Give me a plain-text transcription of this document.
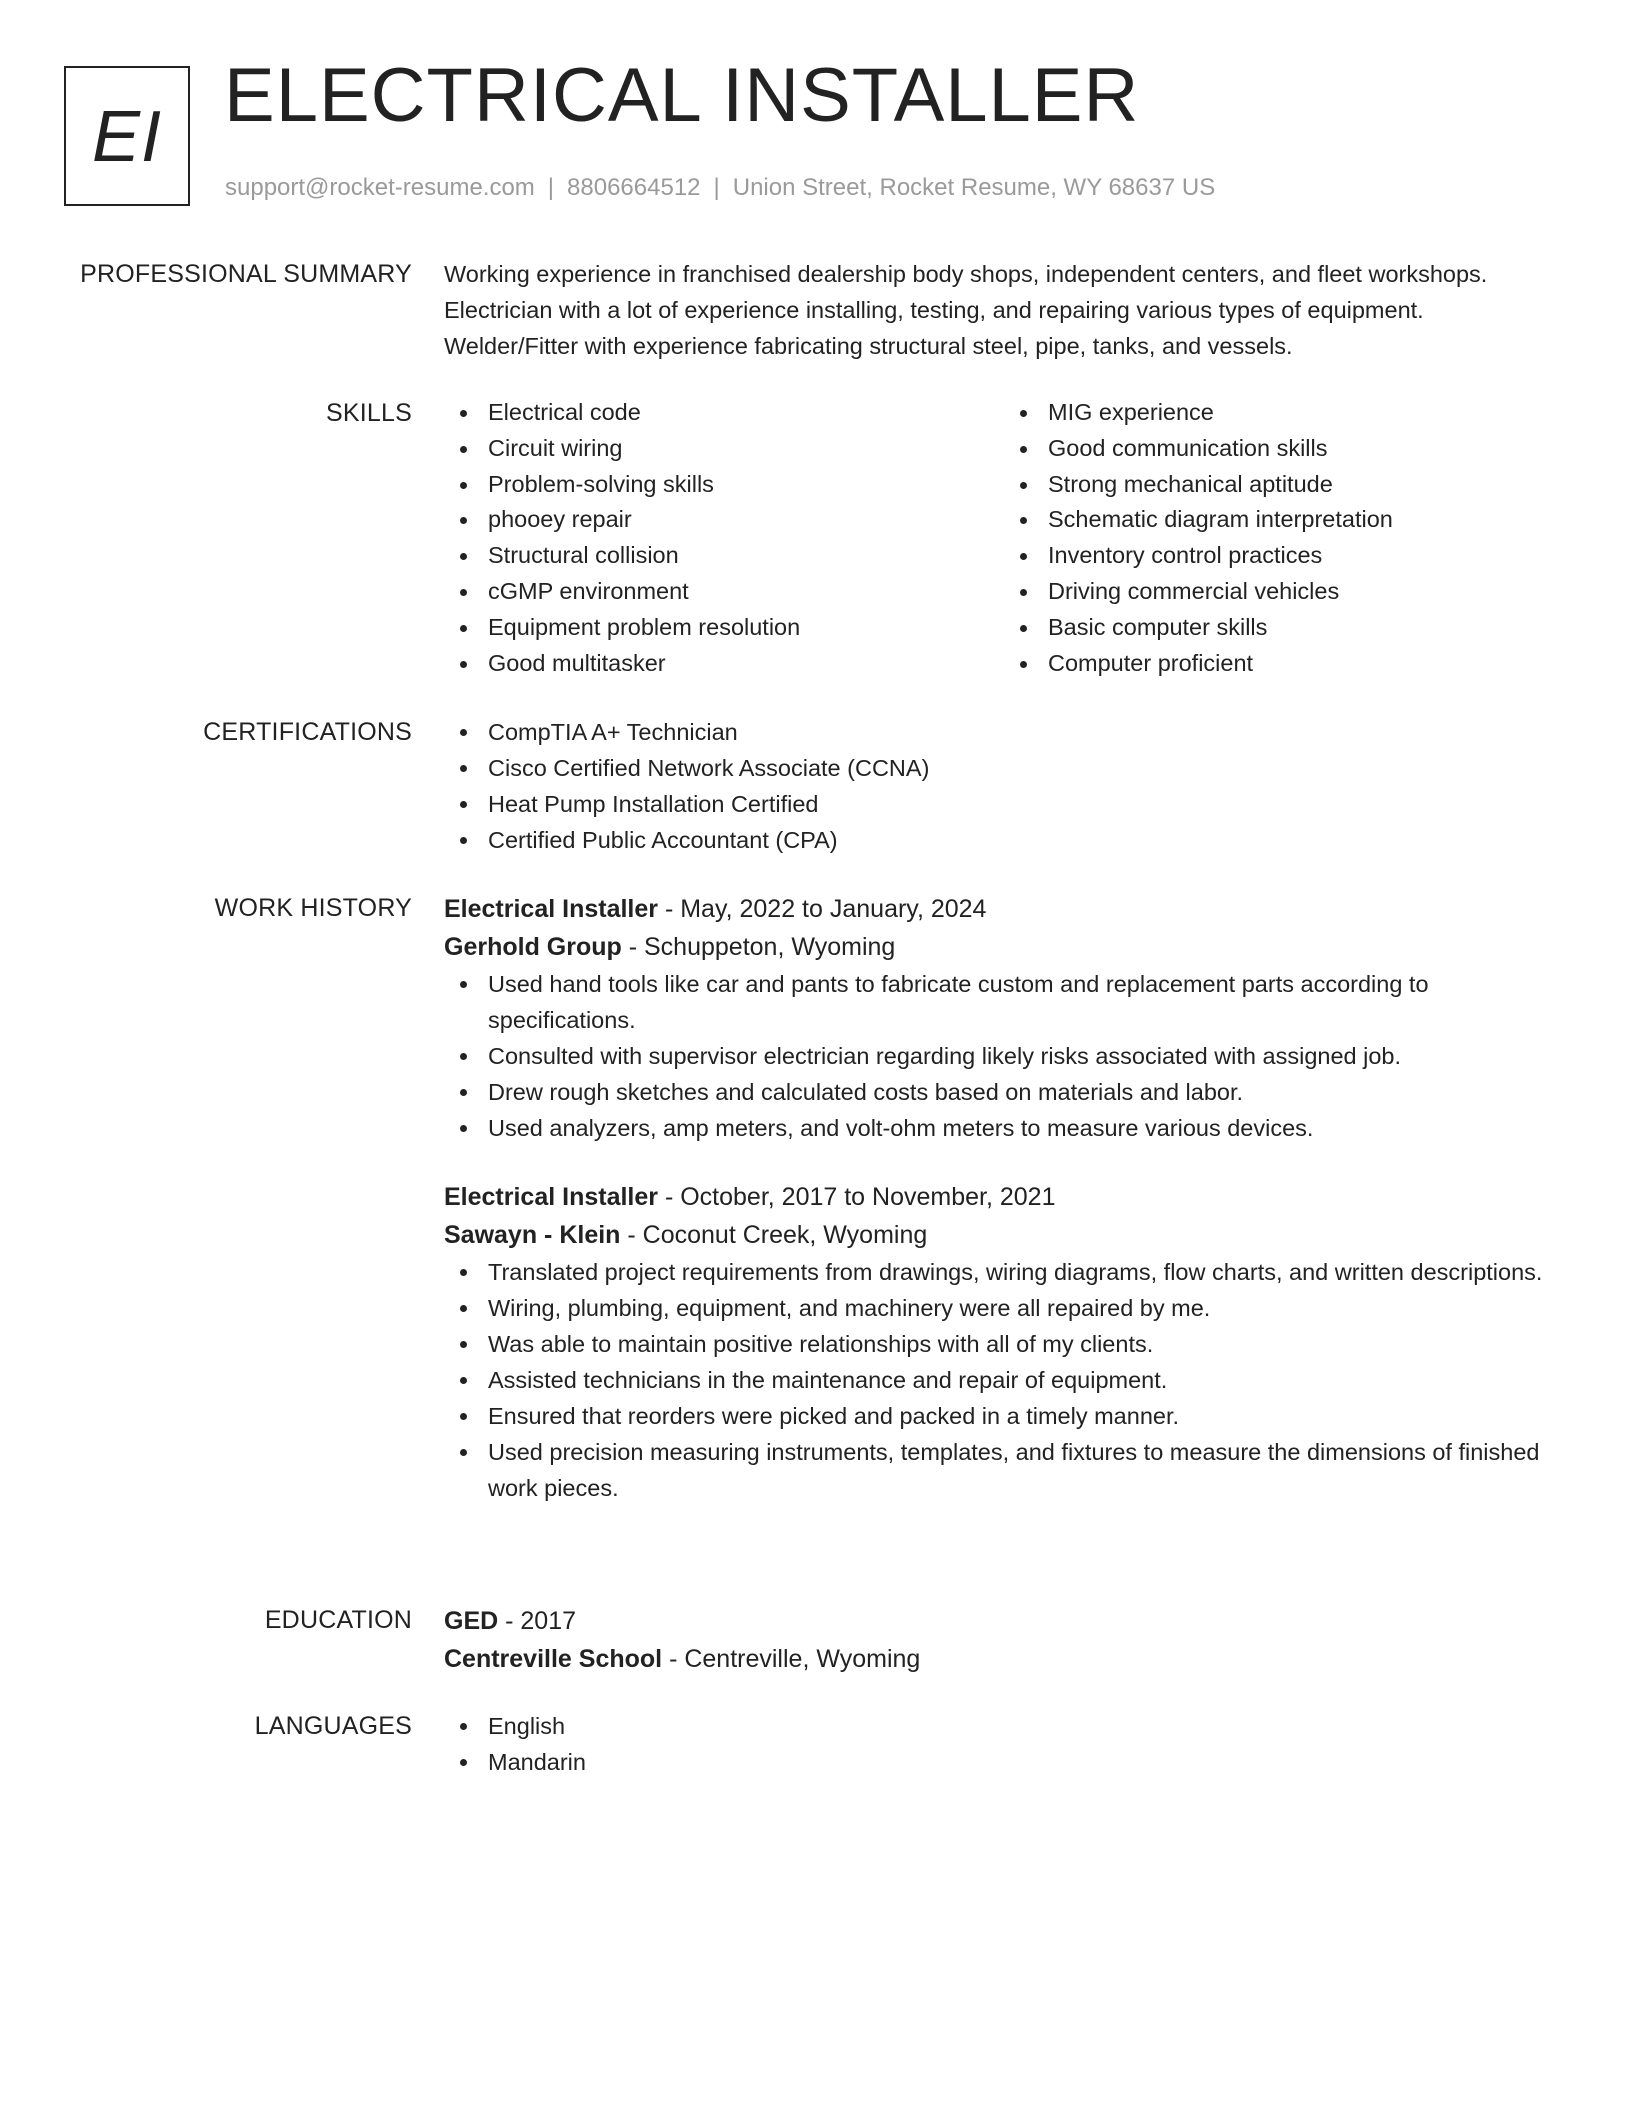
EI ELECTRICAL INSTALLER
support@rocket-resume.com | 8806664512 | Union Street, Rocket Resume, WY 68637 US
PROFESSIONAL SUMMARY Working experience in franchised dealership body shops, independent centers, and fleet workshops.

Electrician with a lot of experience installing, testing, and repairing various types of equipment.

Welder/Fitter with experience fabricating structural steel, pipe, tanks, and vessels.

SKILLS	Electrical code
Circuit wiring
Problem-solving skills
phooey repair
Structural collision
cGMP environment
Equipment problem resolution
Good multitasker
MIG experience
Good communication skills
Strong mechanical aptitude
Schematic diagram interpretation
Inventory control practices
Driving commercial vehicles
Basic computer skills
Computer proficient
CERTIFICATIONS	CompTIA A+ Technician
Cisco Certified Network Associate (CCNA)
Heat Pump Installation Certified
Certified Public Accountant (CPA)
WORK HISTORY Electrical Installer - May, 2022 to January, 2024
Gerhold Group - Schuppeton, Wyoming
Used hand tools like car and pants to fabricate custom and replacement parts according to specifications.
Consulted with supervisor electrician regarding likely risks associated with assigned job.
Drew rough sketches and calculated costs based on materials and labor.
Used analyzers, amp meters, and volt-ohm meters to measure various devices.
Electrical Installer - October, 2017 to November, 2021
Sawayn - Klein - Coconut Creek, Wyoming
Translated project requirements from drawings, wiring diagrams, flow charts, and written descriptions.
Wiring, plumbing, equipment, and machinery were all repaired by me.
Was able to maintain positive relationships with all of my clients.
Assisted technicians in the maintenance and repair of equipment.
Ensured that reorders were picked and packed in a timely manner.
Used precision measuring instruments, templates, and fixtures to measure the dimensions of finished work pieces.
EDUCATION GED - 2017
Centreville School - Centreville, Wyoming
LANGUAGES	English
Mandarin
